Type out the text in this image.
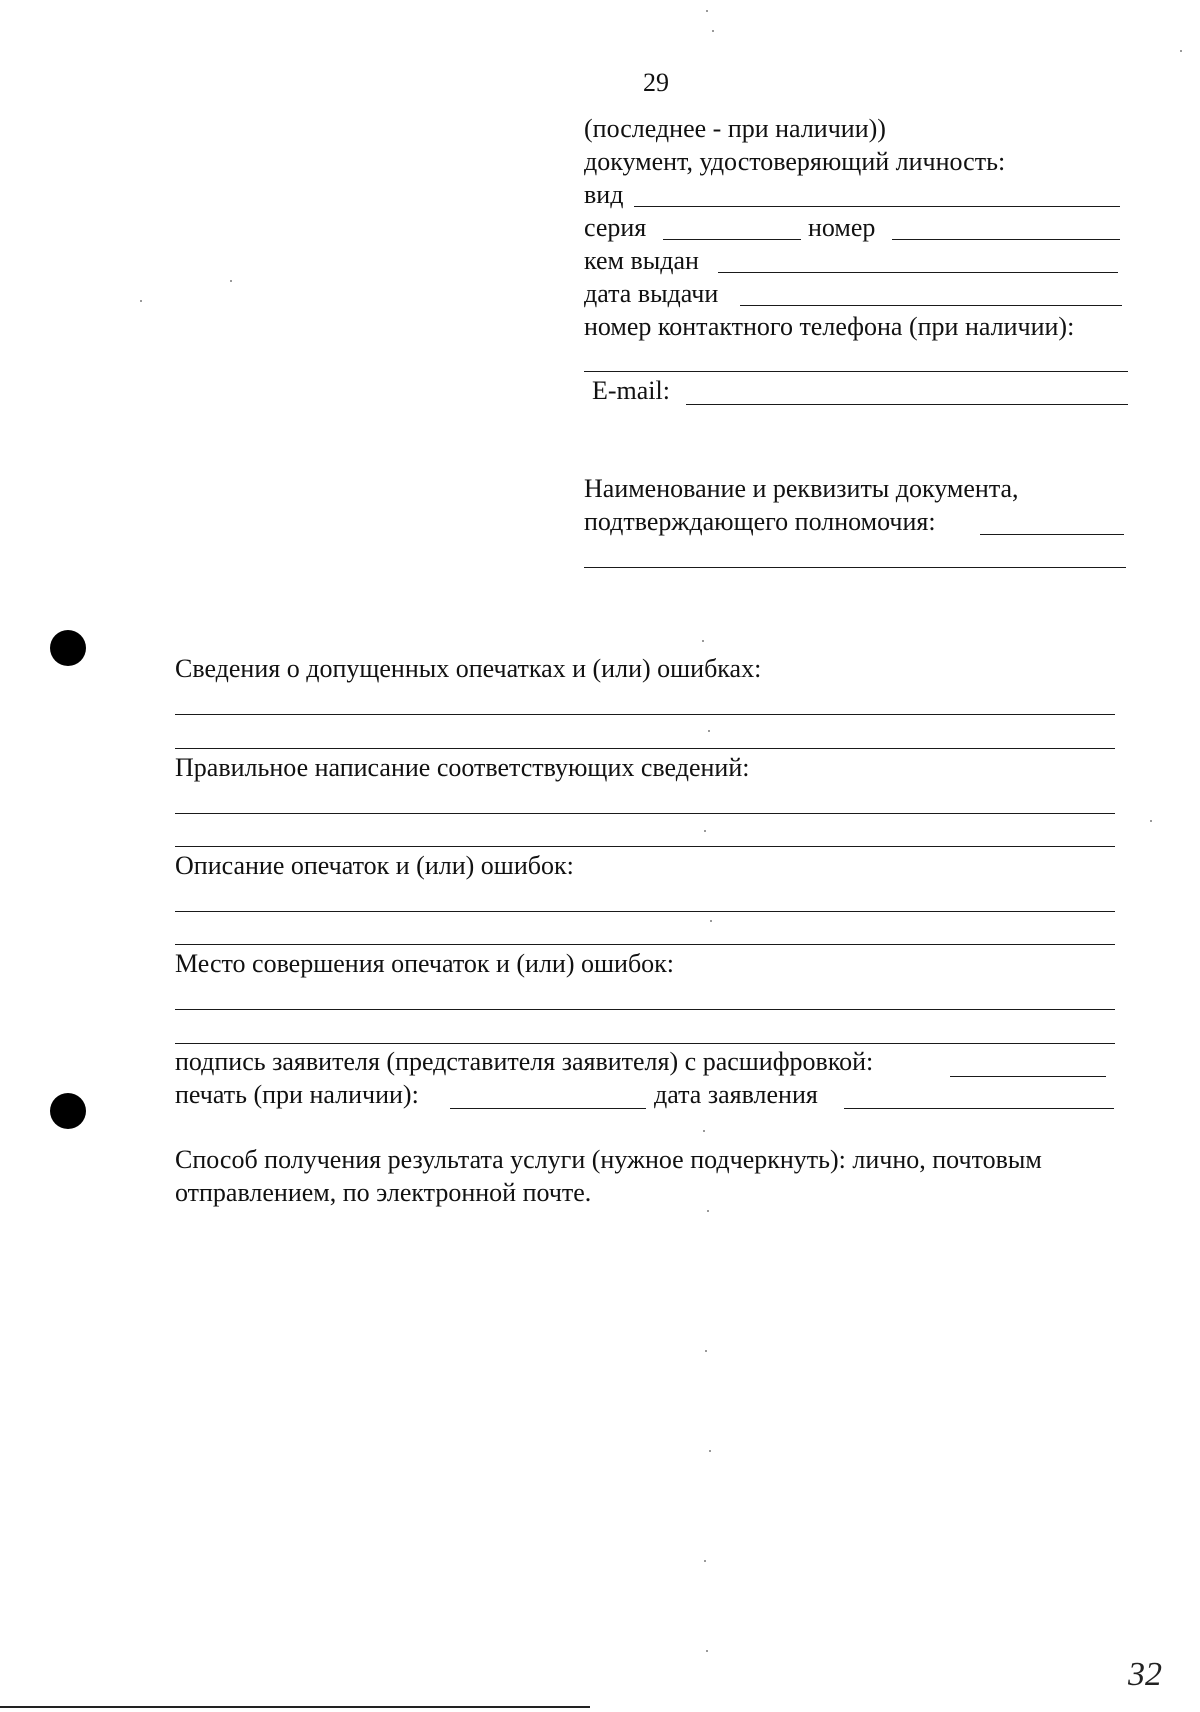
29
(последнее - при наличии))
документ, удостоверяющий личность:
вид
серия	номер
кем выдан
дата выдачи
номер контактного телефона (при наличии):
E-mail:
Наименование и реквизиты документа,
подтверждающего полномочия:
Сведения о допущенных опечатках и (или) ошибках:
Правильное написание соответствующих сведений:
Описание опечаток и (или) ошибок:
Место совершения опечаток и (или) ошибок:
подпись заявителя (представителя заявителя) с расшифровкой:
печать (при наличии):	дата заявления
Способ получения результата услуги (нужное подчеркнуть): лично, почтовым
отправлением, по электронной почте.
32
